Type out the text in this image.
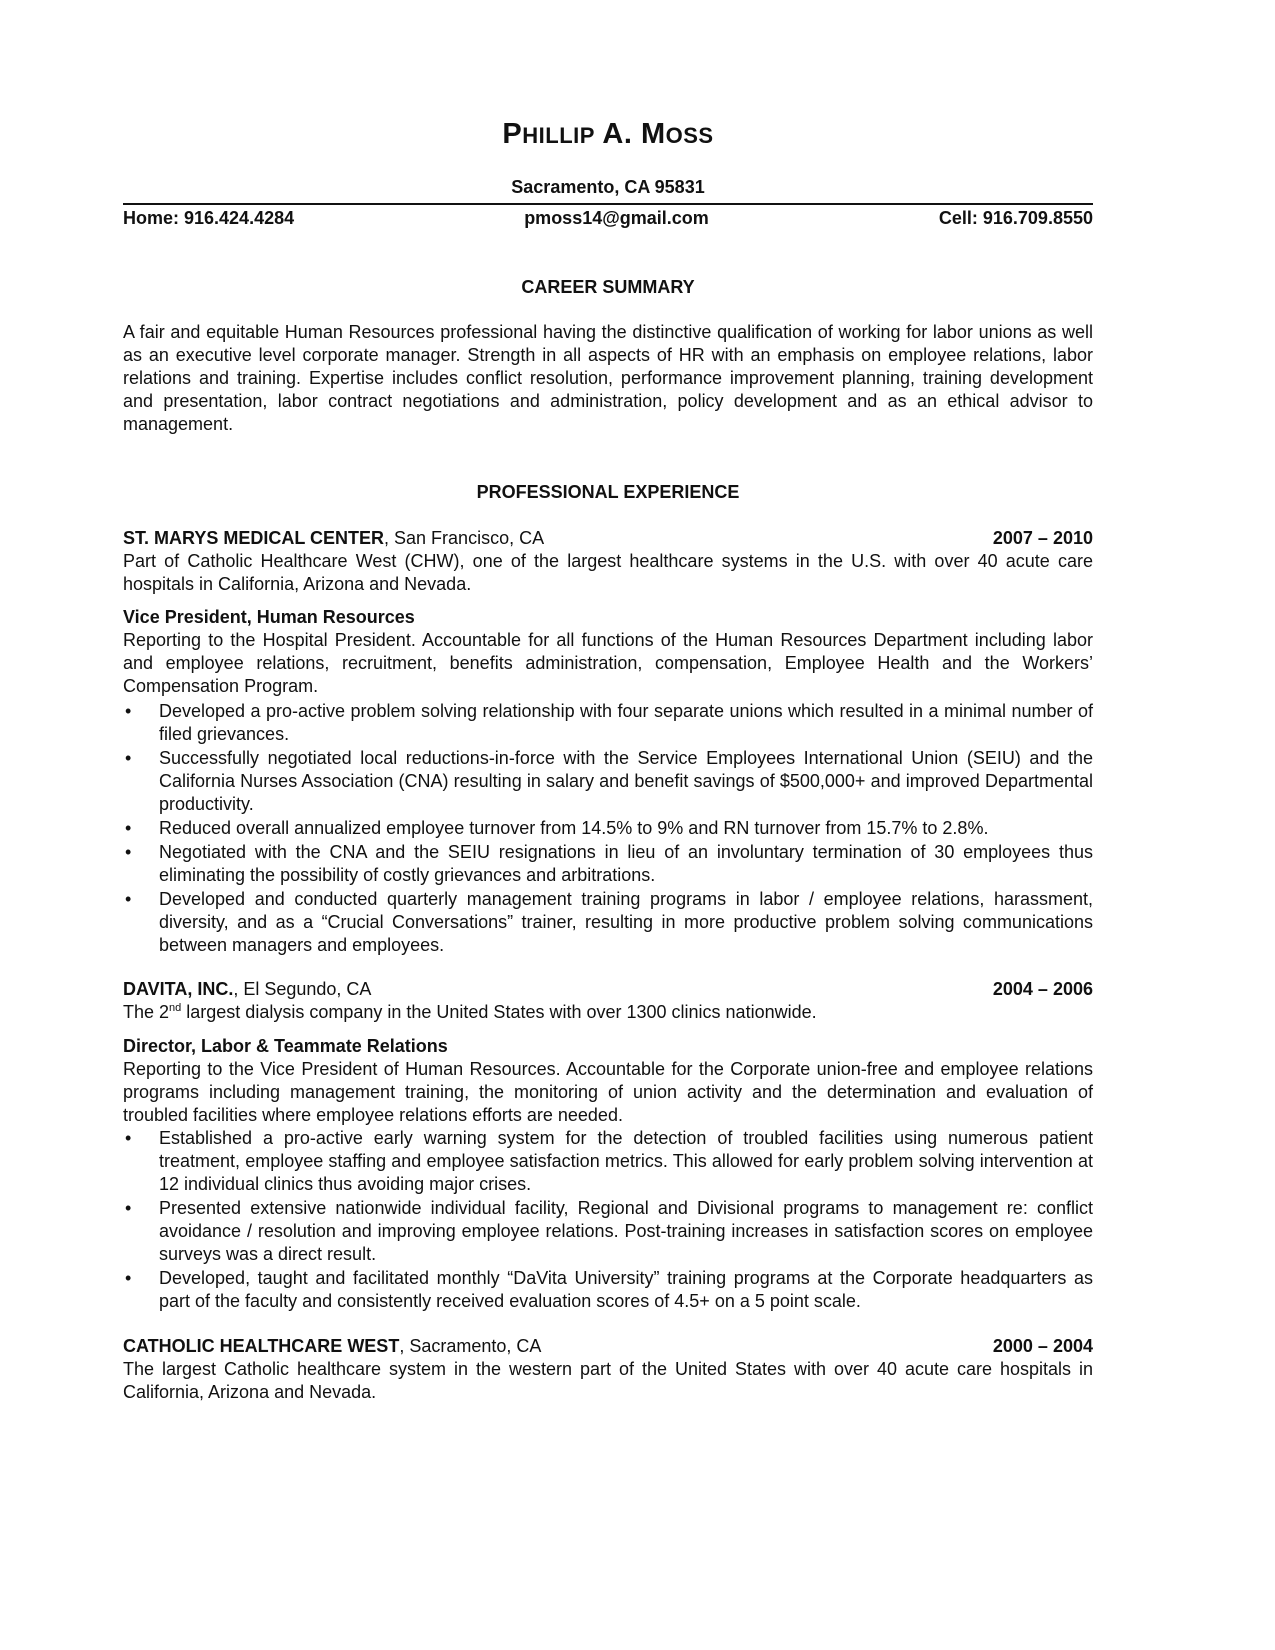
PHILLIP A. MOSS
Sacramento, CA 95831
Home: 916.424.4284	pmoss14@gmail.com	Cell: 916.709.8550
CAREER SUMMARY
A fair and equitable Human Resources professional having the distinctive qualification of working for labor unions as well as an executive level corporate manager. Strength in all aspects of HR with an emphasis on employee relations, labor relations and training. Expertise includes conflict resolution, performance improvement planning, training development and presentation, labor contract negotiations and administration, policy development and as an ethical advisor to management.
PROFESSIONAL EXPERIENCE
ST. MARYS MEDICAL CENTER, San Francisco, CA	2007 – 2010
Part of Catholic Healthcare West (CHW), one of the largest healthcare systems in the U.S. with over 40 acute care hospitals in California, Arizona and Nevada.
Vice President, Human Resources
Reporting to the Hospital President. Accountable for all functions of the Human Resources Department including labor and employee relations, recruitment, benefits administration, compensation, Employee Health and the Workers’ Compensation Program.
• Developed a pro-active problem solving relationship with four separate unions which resulted in a minimal number of filed grievances.
• Successfully negotiated local reductions-in-force with the Service Employees International Union (SEIU) and the California Nurses Association (CNA) resulting in salary and benefit savings of $500,000+ and improved Departmental productivity.
• Reduced overall annualized employee turnover from 14.5% to 9% and RN turnover from 15.7% to 2.8%.
• Negotiated with the CNA and the SEIU resignations in lieu of an involuntary termination of 30 employees thus eliminating the possibility of costly grievances and arbitrations.
• Developed and conducted quarterly management training programs in labor / employee relations, harassment, diversity, and as a “Crucial Conversations” trainer, resulting in more productive problem solving communications between managers and employees.
DAVITA, INC., El Segundo, CA	2004 – 2006
The 2nd largest dialysis company in the United States with over 1300 clinics nationwide.
Director, Labor & Teammate Relations
Reporting to the Vice President of Human Resources. Accountable for the Corporate union-free and employee relations programs including management training, the monitoring of union activity and the determination and evaluation of troubled facilities where employee relations efforts are needed.
• Established a pro-active early warning system for the detection of troubled facilities using numerous patient treatment, employee staffing and employee satisfaction metrics. This allowed for early problem solving intervention at 12 individual clinics thus avoiding major crises.
• Presented extensive nationwide individual facility, Regional and Divisional programs to management re: conflict avoidance / resolution and improving employee relations. Post-training increases in satisfaction scores on employee surveys was a direct result.
• Developed, taught and facilitated monthly “DaVita University” training programs at the Corporate headquarters as part of the faculty and consistently received evaluation scores of 4.5+ on a 5 point scale.
CATHOLIC HEALTHCARE WEST, Sacramento, CA	2000 – 2004
The largest Catholic healthcare system in the western part of the United States with over 40 acute care hospitals in California, Arizona and Nevada.
